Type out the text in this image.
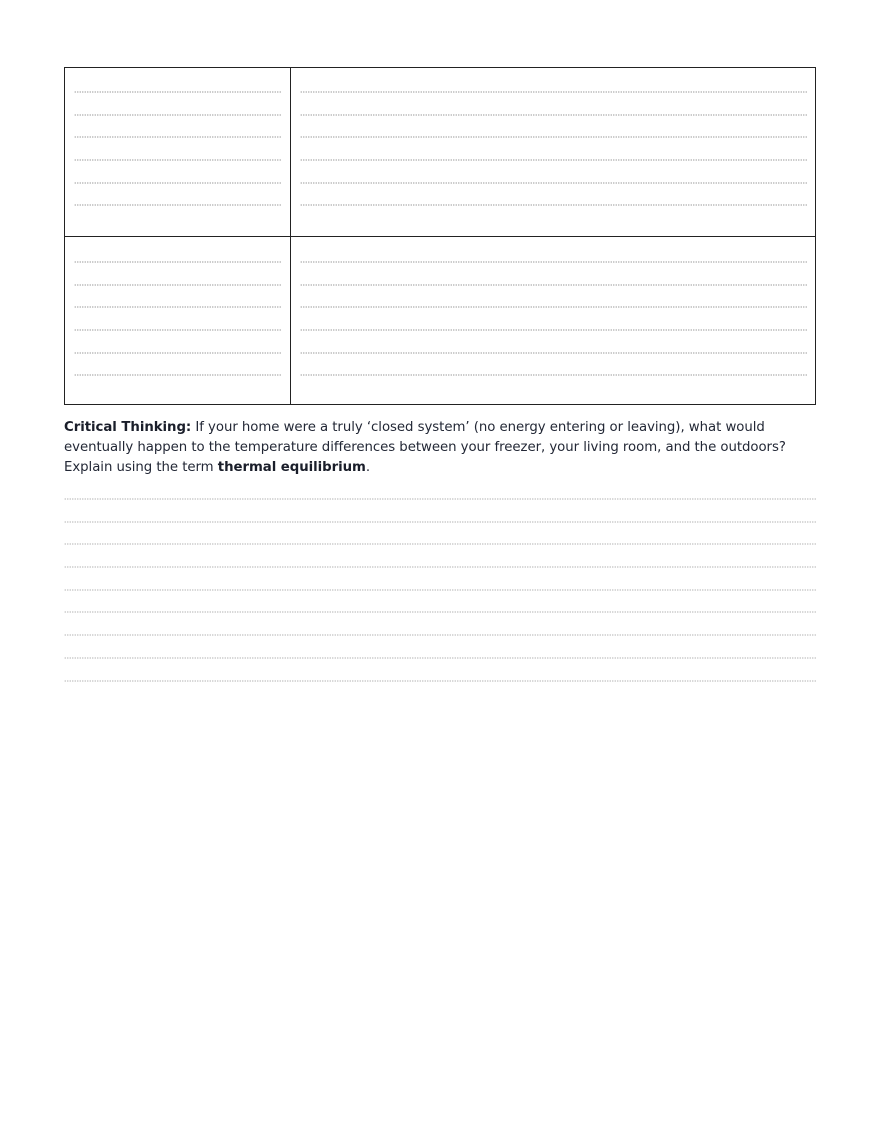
Critical Thinking: If your home were a truly ‘closed system’ (no energy entering or leaving), what would eventually happen to the temperature differences between your freezer, your living room, and the outdoors? Explain using the term thermal equilibrium.
